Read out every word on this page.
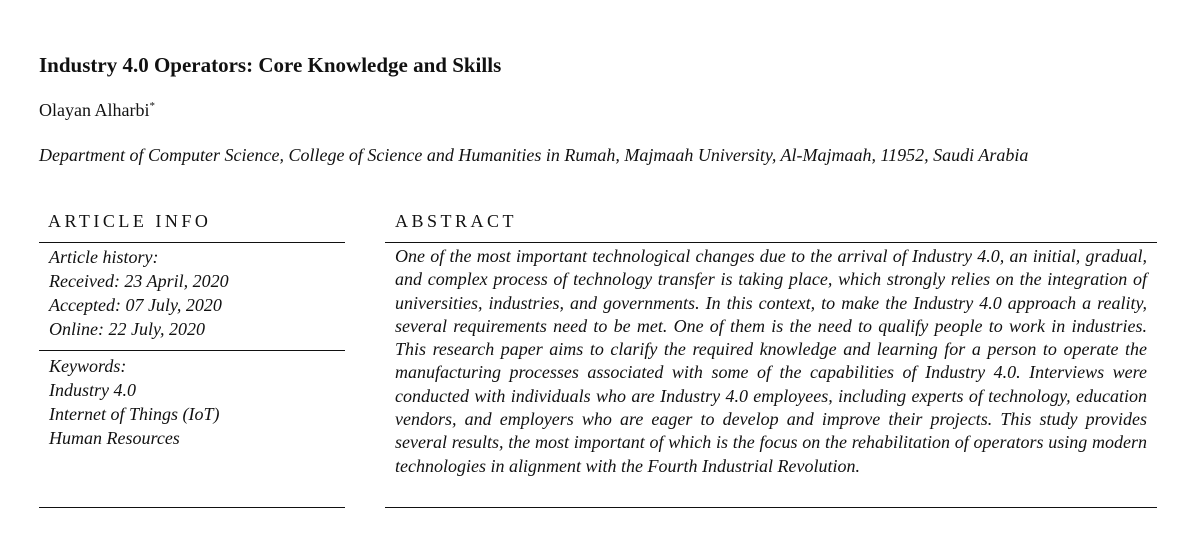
Industry 4.0 Operators: Core Knowledge and Skills
Olayan Alharbi*
Department of Computer Science, College of Science and Humanities in Rumah, Majmaah University, Al-Majmaah, 11952, Saudi Arabia
ARTICLE INFO	ABSTRACT
Article history:
Received: 23 April, 2020
Accepted: 07 July, 2020
Online: 22 July, 2020
Keywords:
Industry 4.0
Internet of Things (IoT)
Human Resources
One of the most important technological changes due to the arrival of Industry 4.0, an initial, gradual, and complex process of technology transfer is taking place, which strongly relies on the integration of universities, industries, and governments. In this context, to make the Industry 4.0 approach a reality, several requirements need to be met. One of them is the need to qualify people to work in industries. This research paper aims to clarify the required knowledge and learning for a person to operate the manufacturing processes associated with some of the capabilities of Industry 4.0. Interviews were conducted with individuals who are Industry 4.0 employees, including experts of technology, education vendors, and employers who are eager to develop and improve their projects. This study provides several results, the most important of which is the focus on the rehabilitation of operators using modern technologies in alignment with the Fourth Industrial Revolution.
